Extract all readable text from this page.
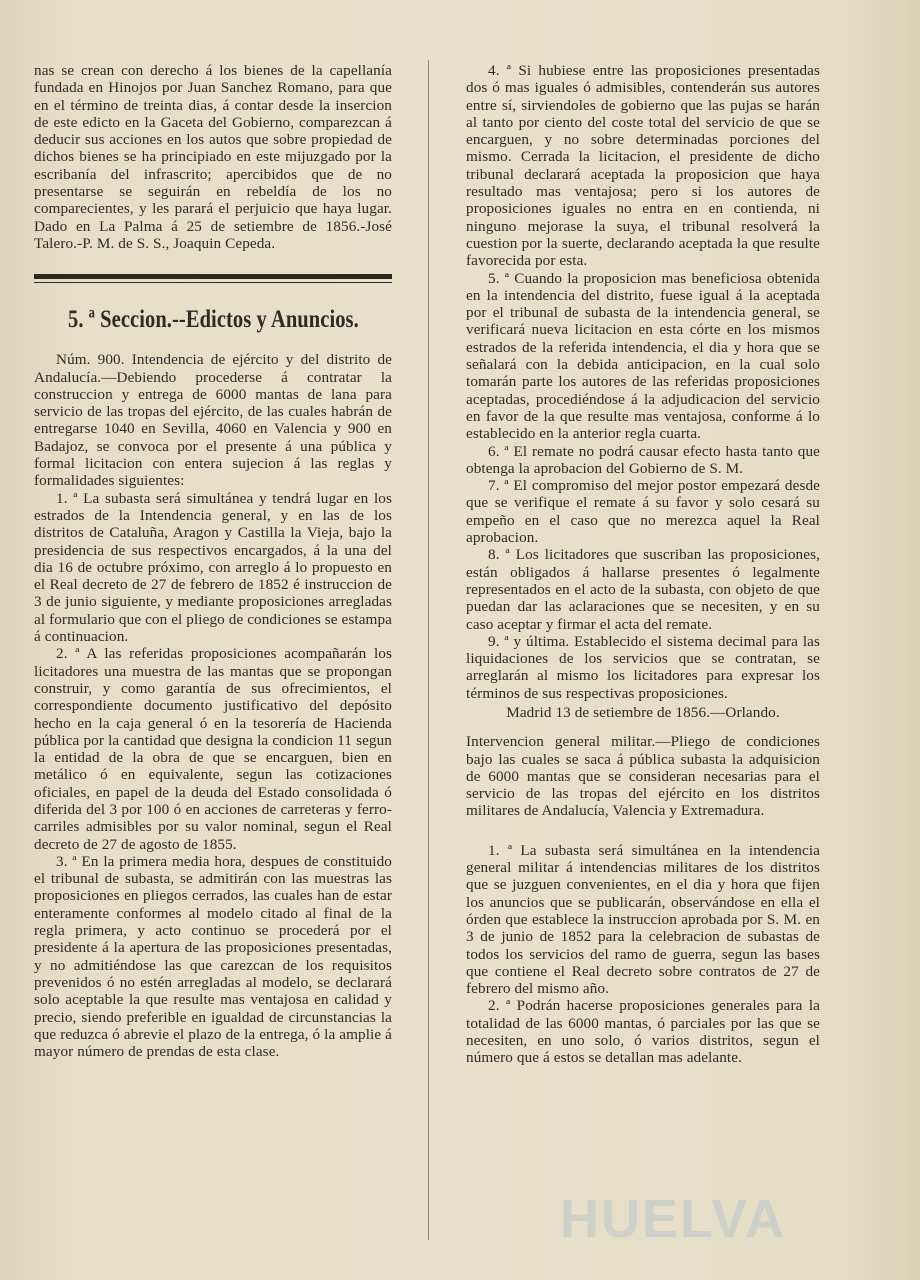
nas se crean con derecho á los bienes de la capellanía fundada en Hinojos por Juan Sanchez Romano, para que en el término de treinta dias, á contar desde la insercion de este edicto en la Gaceta del Gobierno, comparezcan á deducir sus acciones en los autos que sobre propiedad de dichos bienes se ha principiado en este mijuzgado por la escribanía del infrascrito; apercibidos que de no presentarse se seguirán en rebeldía de los no comparecientes, y les parará el perjuicio que haya lugar. Dado en La Palma á 25 de setiembre de 1856.-José Talero.-P. M. de S. S., Joaquin Cepeda.

5. ª Seccion.--Edictos y Anuncios.

Núm. 900. Intendencia de ejército y del distrito de Andalucía.—Debiendo procederse á contratar la construccion y entrega de 6000 mantas de lana para servicio de las tropas del ejército, de las cuales habrán de entregarse 1040 en Sevilla, 4060 en Valencia y 900 en Badajoz, se convoca por el presente á una pública y formal licitacion con entera sujecion á las reglas y formalidades siguientes:

1. ª La subasta será simultánea y tendrá lugar en los estrados de la Intendencia general, y en las de los distritos de Cataluña, Aragon y Castilla la Vieja, bajo la presidencia de sus respectivos encargados, á la una del dia 16 de octubre próximo, con arreglo á lo propuesto en el Real decreto de 27 de febrero de 1852 é instruccion de 3 de junio siguiente, y mediante proposiciones arregladas al formulario que con el pliego de condiciones se estampa á continuacion.

2. ª A las referidas proposiciones acompañarán los licitadores una muestra de las mantas que se propongan construir, y como garantía de sus ofrecimientos, el correspondiente documento justificativo del depósito hecho en la caja general ó en la tesorería de Hacienda pública por la cantidad que designa la condicion 11 segun la entidad de la obra de que se encarguen, bien en metálico ó en equivalente, segun las cotizaciones oficiales, en papel de la deuda del Estado consolidada ó diferida del 3 por 100 ó en acciones de carreteras y ferro-carriles admisibles por su valor nominal, segun el Real decreto de 27 de agosto de 1855.

3. ª En la primera media hora, despues de constituido el tribunal de subasta, se admitirán con las muestras las proposiciones en pliegos cerrados, las cuales han de estar enteramente conformes al modelo citado al final de la regla primera, y acto continuo se procederá por el presidente á la apertura de las proposiciones presentadas, y no admitiéndose las que carezcan de los requisitos prevenidos ó no estén arregladas al modelo, se declarará solo aceptable la que resulte mas ventajosa en calidad y precio, siendo preferible en igualdad de circunstancias la que reduzca ó abrevie el plazo de la entrega, ó la amplie á mayor número de prendas de esta clase.

4. ª Si hubiese entre las proposiciones presentadas dos ó mas iguales ó admisibles, contenderán sus autores entre sí, sirviendoles de gobierno que las pujas se harán al tanto por ciento del coste total del servicio de que se encarguen, y no sobre determinadas porciones del mismo. Cerrada la licitacion, el presidente de dicho tribunal declarará aceptada la proposicion que haya resultado mas ventajosa; pero si los autores de proposiciones iguales no entra en en contienda, ni ninguno mejorase la suya, el tribunal resolverá la cuestion por la suerte, declarando aceptada la que resulte favorecida por esta.

5. ª Cuando la proposicion mas beneficiosa obtenida en la intendencia del distrito, fuese igual á la aceptada por el tribunal de subasta de la intendencia general, se verificará nueva licitacion en esta córte en los mismos estrados de la referida intendencia, el dia y hora que se señalará con la debida anticipacion, en la cual solo tomarán parte los autores de las referidas proposiciones aceptadas, procediéndose á la adjudicacion del servicio en favor de la que resulte mas ventajosa, conforme á lo establecido en la anterior regla cuarta.

6. ª El remate no podrá causar efecto hasta tanto que obtenga la aprobacion del Gobierno de S. M.

7. ª El compromiso del mejor postor empezará desde que se verifique el remate á su favor y solo cesará su empeño en el caso que no merezca aquel la Real aprobacion.

8. ª Los licitadores que suscriban las proposiciones, están obligados á hallarse presentes ó legalmente representados en el acto de la subasta, con objeto de que puedan dar las aclaraciones que se necesiten, y en su caso aceptar y firmar el acta del remate.

9. ª y última. Establecido el sistema decimal para las liquidaciones de los servicios que se contratan, se arreglarán al mismo los licitadores para expresar los términos de sus respectivas proposiciones.

Madrid 13 de setiembre de 1856.—Orlando.

Intervencion general militar.—Pliego de condiciones bajo las cuales se saca á pública subasta la adquisicion de 6000 mantas que se consideran necesarias para el servicio de las tropas del ejército en los distritos militares de Andalucía, Valencia y Extremadura.

1. ª La subasta será simultánea en la intendencia general militar á intendencias militares de los distritos que se juzguen convenientes, en el dia y hora que fijen los anuncios que se publicarán, observándose en ella el órden que establece la instruccion aprobada por S. M. en 3 de junio de 1852 para la celebracion de subastas de todos los servicios del ramo de guerra, segun las bases que contiene el Real decreto sobre contratos de 27 de febrero del mismo año.

2. ª Podrán hacerse proposiciones generales para la totalidad de las 6000 mantas, ó parciales por las que se necesiten, en uno solo, ó varios distritos, segun el número que á estos se detallan mas adelante.

HUELVA
